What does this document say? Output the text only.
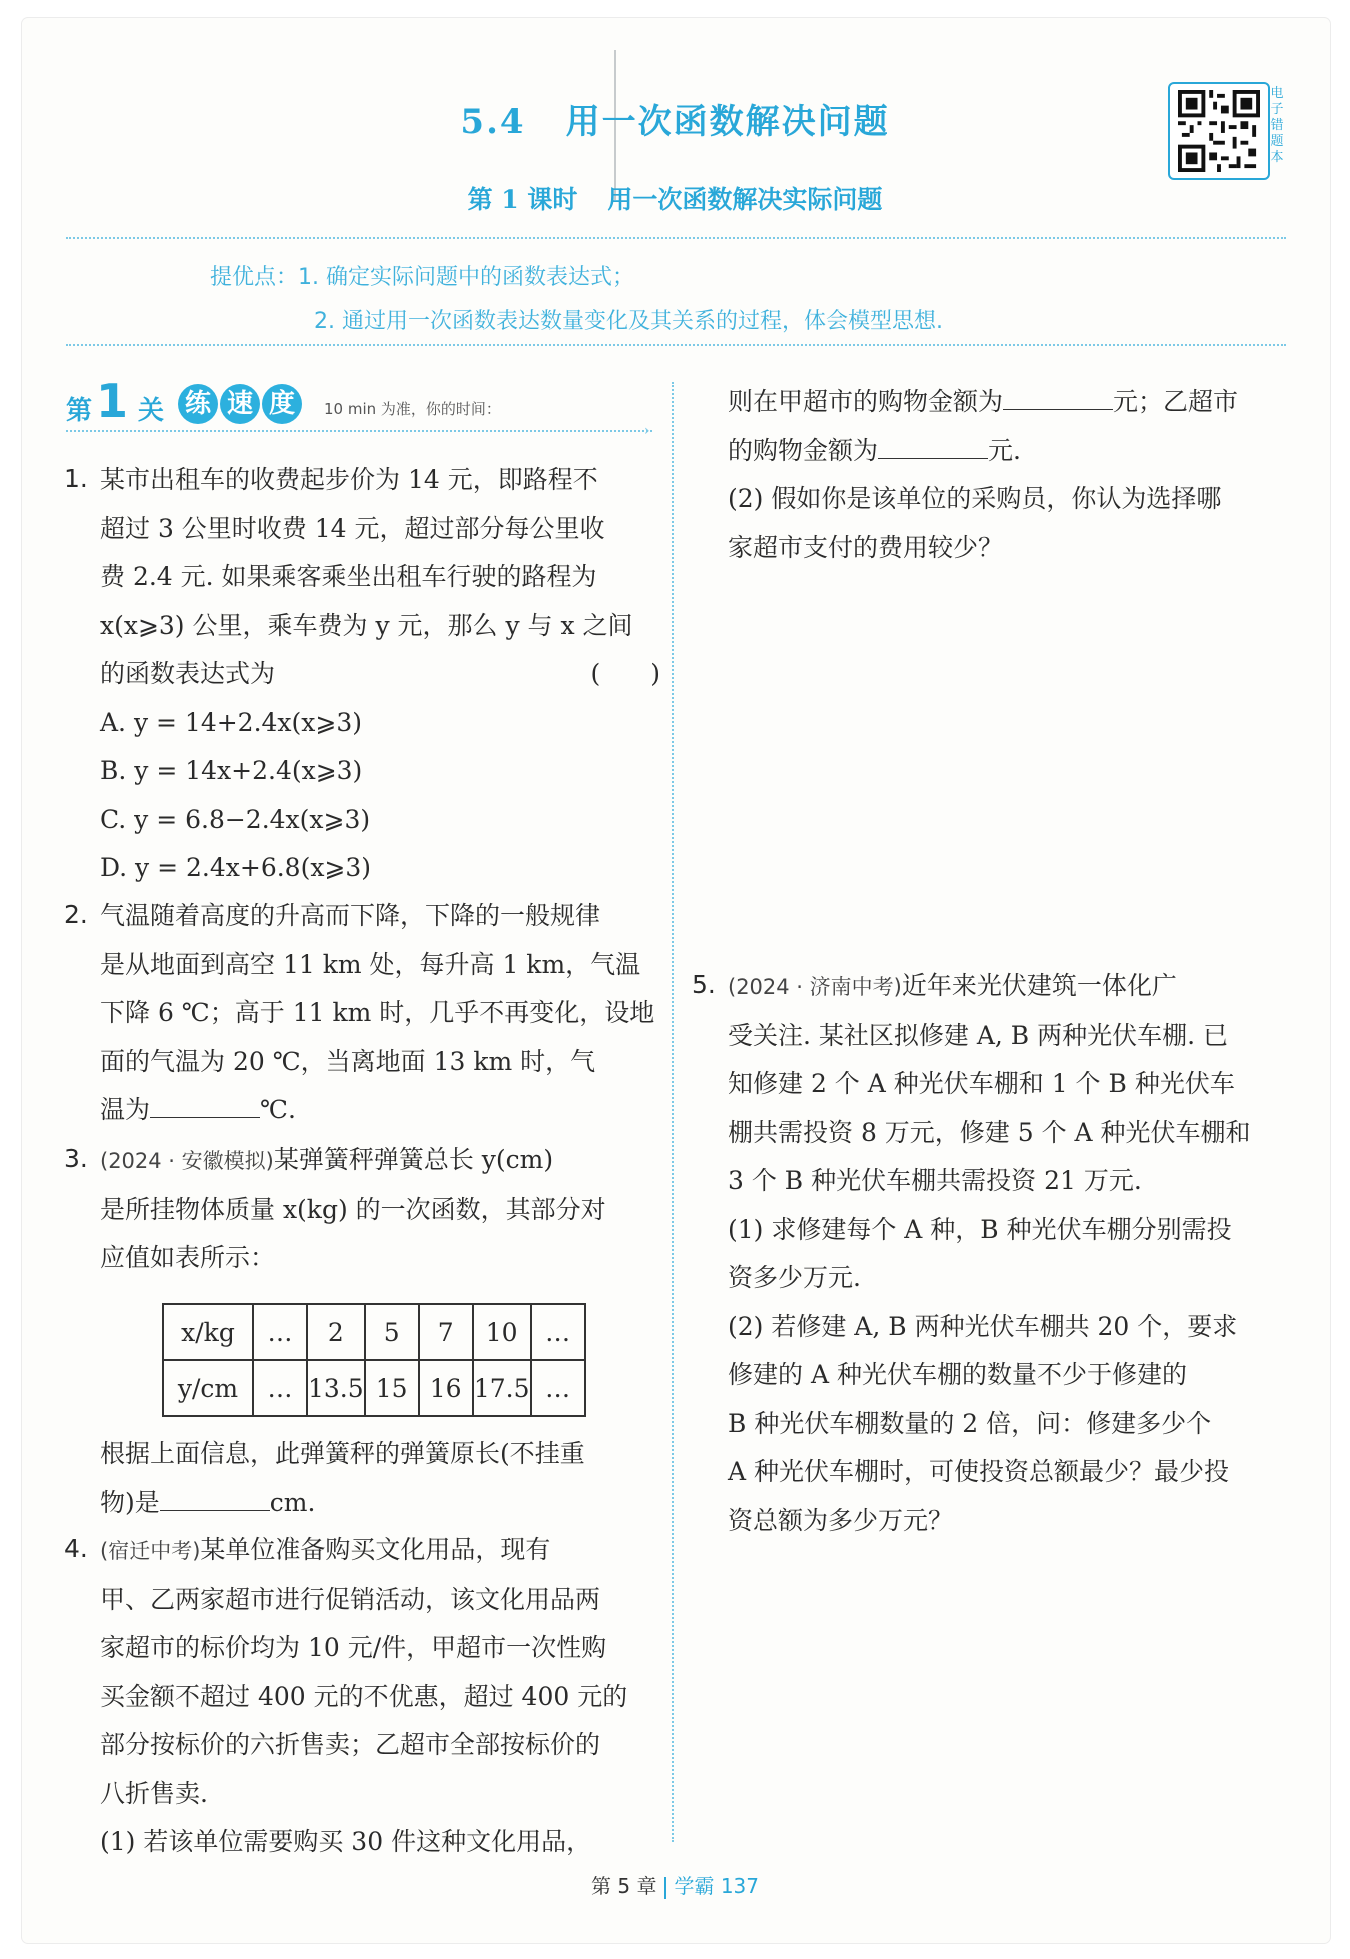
5.4 用一次函数解决问题
第 1 课时 用一次函数解决实际问题
电子错题本
提优点：1. 确定实际问题中的函数表达式；
2. 通过用一次函数表达数量变化及其关系的过程，体会模型思想.
第 1 关 练 速 度	10 min 为准，你的时间：
›
1. 某市出租车的收费起步价为 14 元，即路程不
超过 3 公里时收费 14 元，超过部分每公里收
费 2.4 元. 如果乘客乘坐出租车行驶的路程为
x(x⩾3) 公里，乘车费为 y 元，那么 y 与 x 之间
的函数表达式为	(　　)
A. y = 14+2.4x(x⩾3)
B. y = 14x+2.4(x⩾3)
C. y = 6.8−2.4x(x⩾3)
D. y = 2.4x+6.8(x⩾3)
2. 气温随着高度的升高而下降，下降的一般规律
是从地面到高空 11 km 处，每升高 1 km，气温
下降 6 ℃；高于 11 km 时，几乎不再变化，设地
面的气温为 20 ℃，当离地面 13 km 时，气
温为	℃.
3. (2024 · 安徽模拟)某弹簧秤弹簧总长 y(cm)
是所挂物体质量 x(kg) 的一次函数，其部分对
应值如表所示：
x/kg	…	2	5	7	10	…
y/cm	…	13.5	15	16	17.5	…
根据上面信息，此弹簧秤的弹簧原长(不挂重
物)是	cm.
4. (宿迁中考)某单位准备购买文化用品，现有
甲、乙两家超市进行促销活动，该文化用品两
家超市的标价均为 10 元/件，甲超市一次性购
买金额不超过 400 元的不优惠，超过 400 元的
部分按标价的六折售卖；乙超市全部按标价的
八折售卖.
(1) 若该单位需要购买 30 件这种文化用品，
则在甲超市的购物金额为	元；乙超市
的购物金额为	元.
(2) 假如你是该单位的采购员，你认为选择哪
家超市支付的费用较少？
5. (2024 · 济南中考)近年来光伏建筑一体化广
受关注. 某社区拟修建 A, B 两种光伏车棚. 已
知修建 2 个 A 种光伏车棚和 1 个 B 种光伏车
棚共需投资 8 万元，修建 5 个 A 种光伏车棚和
3 个 B 种光伏车棚共需投资 21 万元.
(1) 求修建每个 A 种，B 种光伏车棚分别需投
资多少万元.
(2) 若修建 A, B 两种光伏车棚共 20 个，要求
修建的 A 种光伏车棚的数量不少于修建的
B 种光伏车棚数量的 2 倍，问：修建多少个
A 种光伏车棚时，可使投资总额最少？最少投
资总额为多少万元？
第 5 章 学霸 137
